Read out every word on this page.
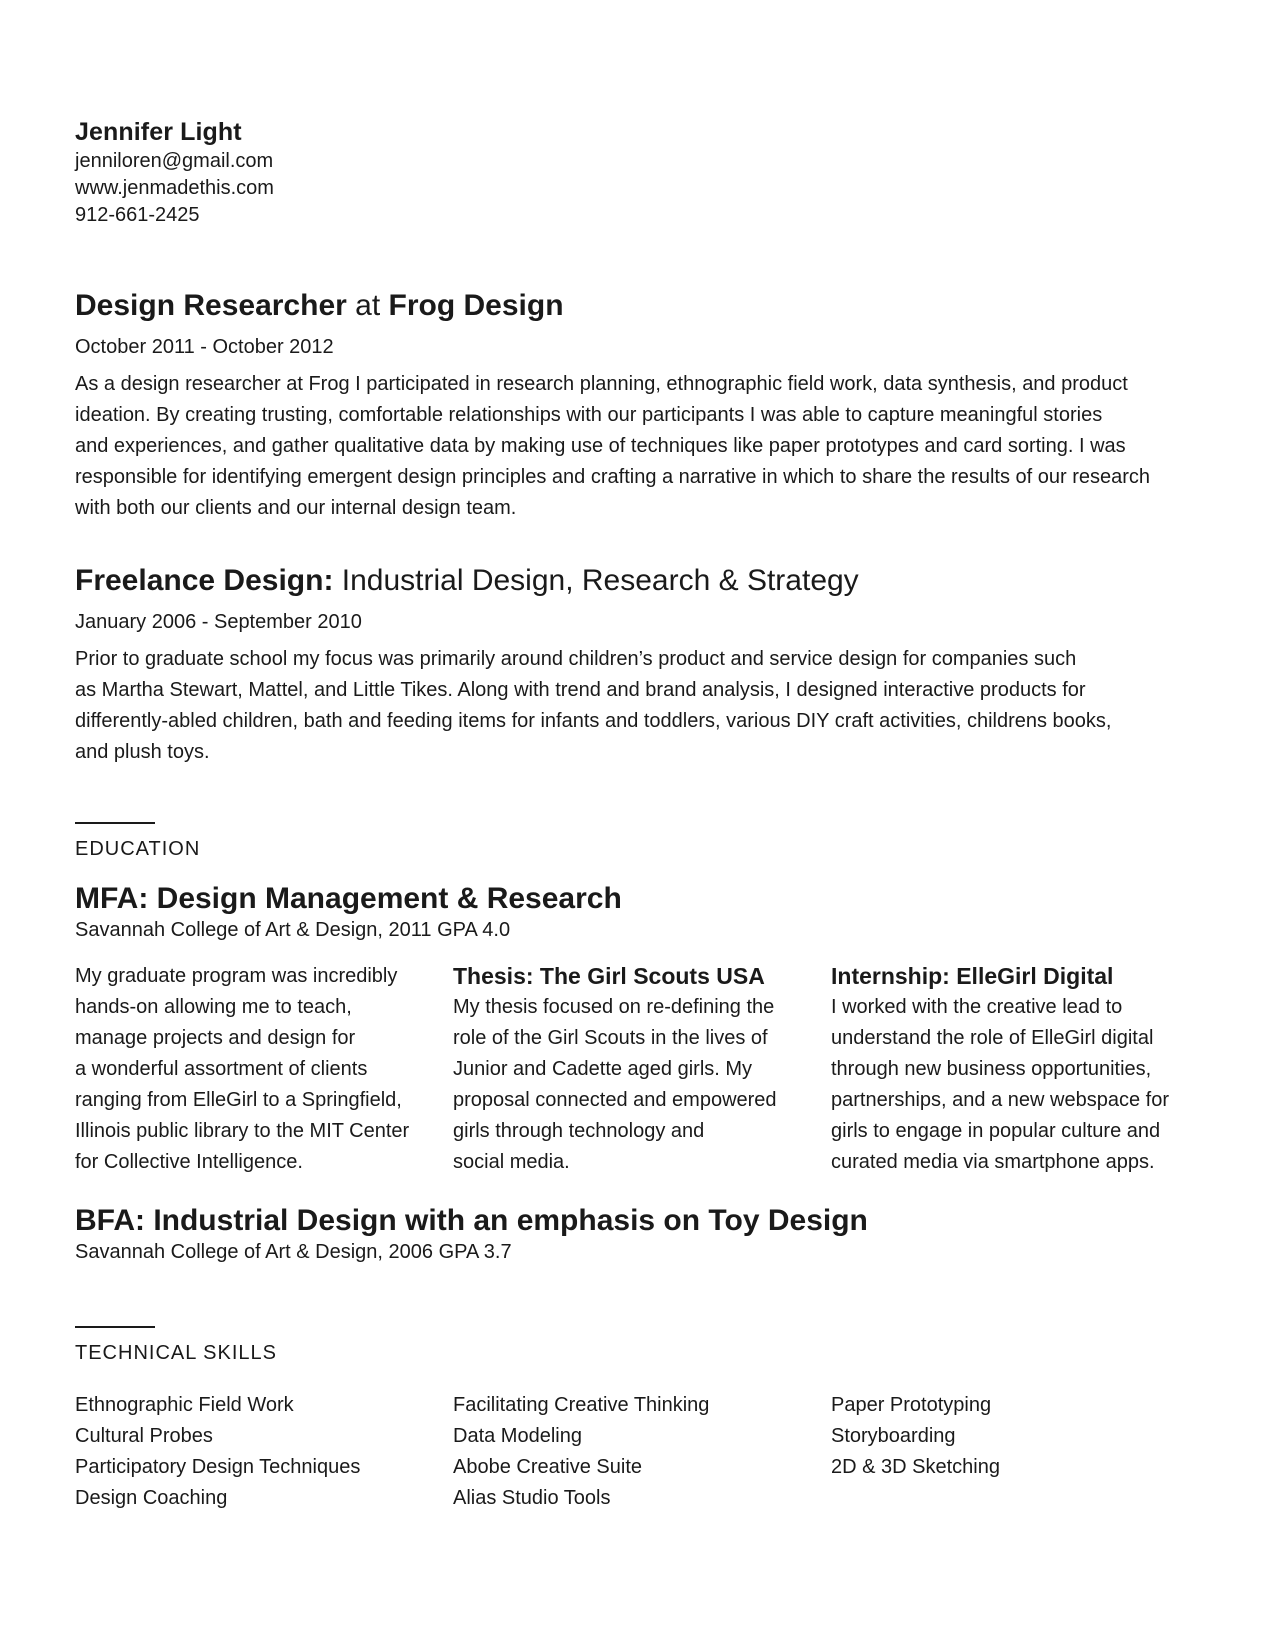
Jennifer Light
jenniloren@gmail.com
www.jenmadethis.com
912-661-2425
Design Researcher at Frog Design
October 2011 - October 2012
As a design researcher at Frog I participated in research planning, ethnographic field work, data synthesis, and product
ideation. By creating trusting, comfortable relationships with our participants I was able to capture meaningful stories
and experiences, and gather qualitative data by making use of techniques like paper prototypes and card sorting. I was
responsible for identifying emergent design principles and crafting a narrative in which to share the results of our research
with both our clients and our internal design team.
Freelance Design: Industrial Design, Research & Strategy
January 2006 - September 2010
Prior to graduate school my focus was primarily around children’s product and service design for companies such
as Martha Stewart, Mattel, and Little Tikes. Along with trend and brand analysis, I designed interactive products for
differently-abled children, bath and feeding items for infants and toddlers, various DIY craft activities, childrens books,
and plush toys.
EDUCATION
MFA: Design Management & Research
Savannah College of Art & Design, 2011 GPA 4.0
My graduate program was incredibly
hands-on allowing me to teach,
manage projects and design for
a wonderful assortment of clients
ranging from ElleGirl to a Springfield,
Illinois public library to the MIT Center
for Collective Intelligence.
Thesis: The Girl Scouts USA
My thesis focused on re-defining the
role of the Girl Scouts in the lives of
Junior and Cadette aged girls. My
proposal connected and empowered
girls through technology and
social media.
Internship: ElleGirl Digital
I worked with the creative lead to
understand the role of ElleGirl digital
through new business opportunities,
partnerships, and a new webspace for
girls to engage in popular culture and
curated media via smartphone apps.
BFA: Industrial Design with an emphasis on Toy Design
Savannah College of Art & Design, 2006 GPA 3.7
TECHNICAL SKILLS
Ethnographic Field Work
Cultural Probes
Participatory Design Techniques
Design Coaching
Facilitating Creative Thinking
Data Modeling
Abobe Creative Suite
Alias Studio Tools
Paper Prototyping
Storyboarding
2D & 3D Sketching
